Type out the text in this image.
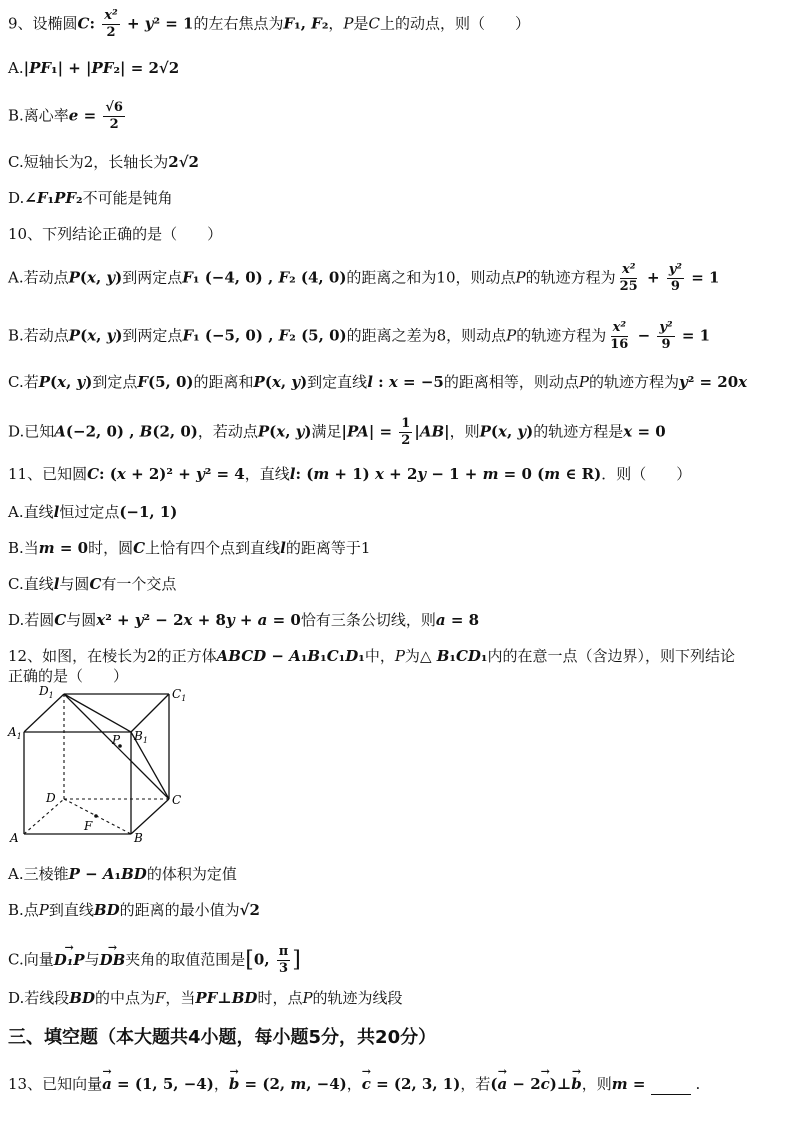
9、设椭圆C: $\frac{\text{x²}}{2} + y^2 = 1$的左右焦点为F₁, F₂，P是C上的动点，则（　　）
A.|PF₁| + |PF₂| = 2√2
B.离心率$e = \frac{√6}{2}$
C.短轴长为2，长轴长为2√2
D.∠F₁PF₂不可能是钝角
10、下列结论正确的是（　　）
A.若动点P(x, y)到两定点F₁ (−4, 0) , F₂ (4, 0)的距离之和为10，则动点P的轨迹方程为 $\frac{\text{x²}}{25} + \frac{\text{y²}}{9} = 1$
B.若动点P(x, y)到两定点F₁ (−5, 0) , F₂ (5, 0)的距离之差为8，则动点P的轨迹方程为 $\frac{\text{x²}}{16} - \frac{\text{y²}}{9} = 1$
C.若P(x, y)到定点F(5, 0)的距离和P(x, y)到定直线l : x = −5的距离相等，则动点P的轨迹方程为y² = 20x
D.已知A(−2, 0) , B(2, 0)，若动点P(x, y)满足$|PA| = \frac{1}{2} |AB|$，则P(x, y)的轨迹方程是x = 0
11、已知圆C: (x + 2)² + y² = 4，直线l: (m + 1) x + 2y − 1 + m = 0 (m ∈ R)．则（　　）
A.直线l恒过定点(−1, 1)
B.当m = 0时，圆C上恰有四个点到直线l的距离等于1
C.直线l与圆C有一个交点
D.若圆C与圆x² + y² − 2x + 8y + a = 0恰有三条公切线，则a = 8
12、如图，在棱长为2的正方体ABCD − A₁B₁C₁D₁中，P为△ B₁CD₁内的在意一点（含边界），则下列结论
正确的是（　　）
$D_1$	$C_1$
$A_1$	$B_1$
P
D	C
A	B
F
A.三棱锥P − A₁BD的体积为定值
B.点P到直线BD的距离的最小值为√2
C.向量→ D₁P与→ DB夹角的取值范围是[0, $\frac{\pi}{3}$ ]
D.若线段BD的中点为F，当PF⊥BD时，点P的轨迹为线段
三、填空题（本大题共4小题，每小题5分，共20分）
13、已知向量→ a = (1, 5, −4)，→ b = (2, m, −4)，→ c = (2, 3, 1)，若(→ a − 2→ c)⊥→ b，则m =	.
